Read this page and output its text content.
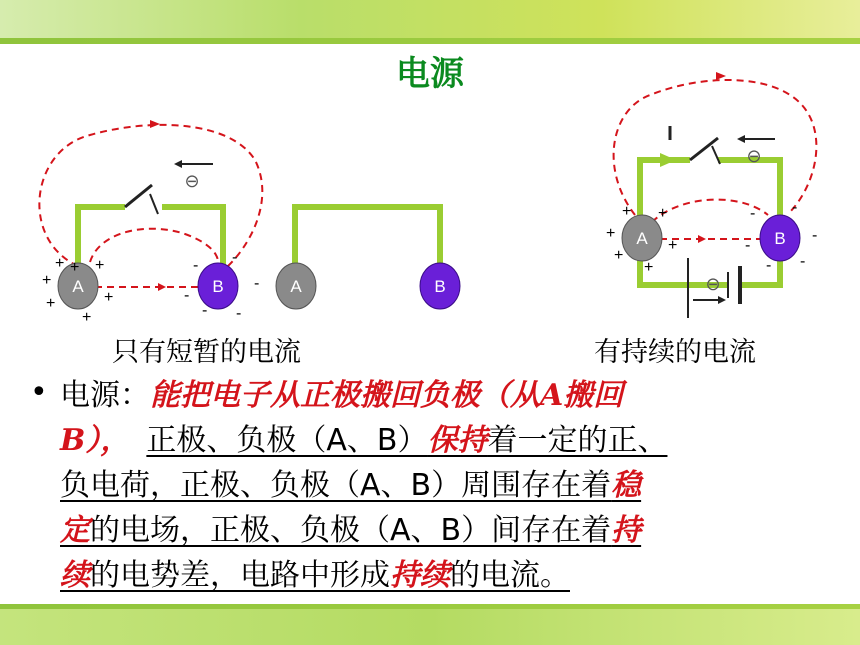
电源
A	B	A	B
A	B
+ + +
+
+
+
+
- -
-
- -
-
+ +
+
+
+
+
- -
-
- -
-
⊖
⊖
⊖
只有短暂的电流	有持续的电流
• 电源：能把电子从正极搬回负极（从A搬回
B）， 正极、负极（A、B）保持着一定的正、
负电荷，正极、负极（A、B）周围存在着稳
定的电场，正极、负极（A、B）间存在着持
续的电势差，电路中形成持续的电流。
